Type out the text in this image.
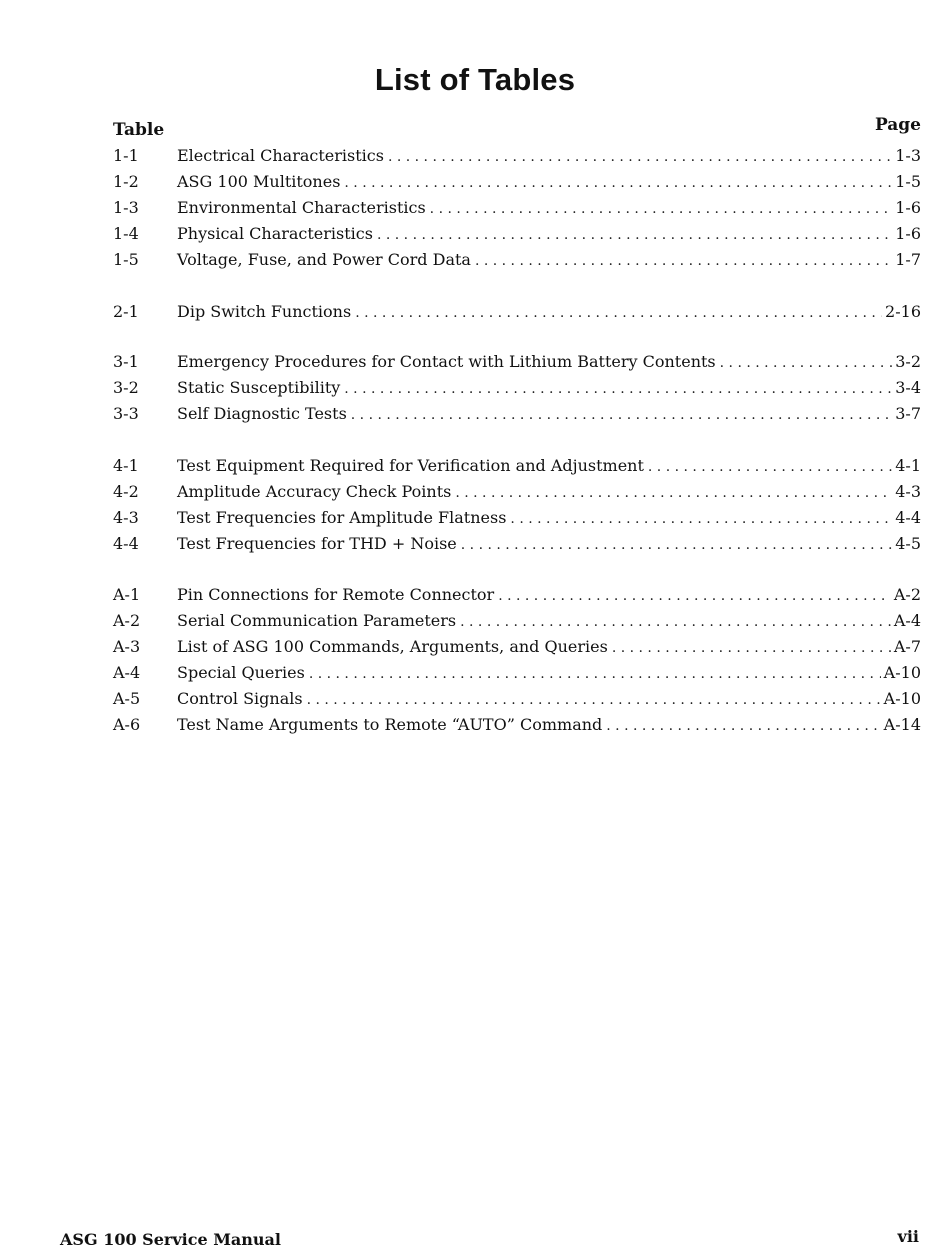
List of Tables
Table	Page
1-1	Electrical Characteristics . . .	1-3
1-2	ASG 100 Multitones . . .	1-5
1-3	Environmental Characteristics . . .	1-6
1-4	Physical Characteristics . . .	1-6
1-5	Voltage, Fuse, and Power Cord Data . . .	1-7
2-1	Dip Switch Functions . . .	2-16
3-1	Emergency Procedures for Contact with Lithium Battery Contents . . .	3-2
3-2	Static Susceptibility . . .	3-4
3-3	Self Diagnostic Tests . . .	3-7
4-1	Test Equipment Required for Verification and Adjustment . . .	4-1
4-2	Amplitude Accuracy Check Points . . .	4-3
4-3	Test Frequencies for Amplitude Flatness . . .	4-4
4-4	Test Frequencies for THD + Noise . . .	4-5
A-1	Pin Connections for Remote Connector . . .	A-2
A-2	Serial Communication Parameters . . .	A-4
A-3	List of ASG 100 Commands, Arguments, and Queries . . .	A-7
A-4	Special Queries . . .	A-10
A-5	Control Signals . . .	A-10
A-6	Test Name Arguments to Remote “AUTO” Command . . .	A-14
ASG 100 Service Manual	vii
